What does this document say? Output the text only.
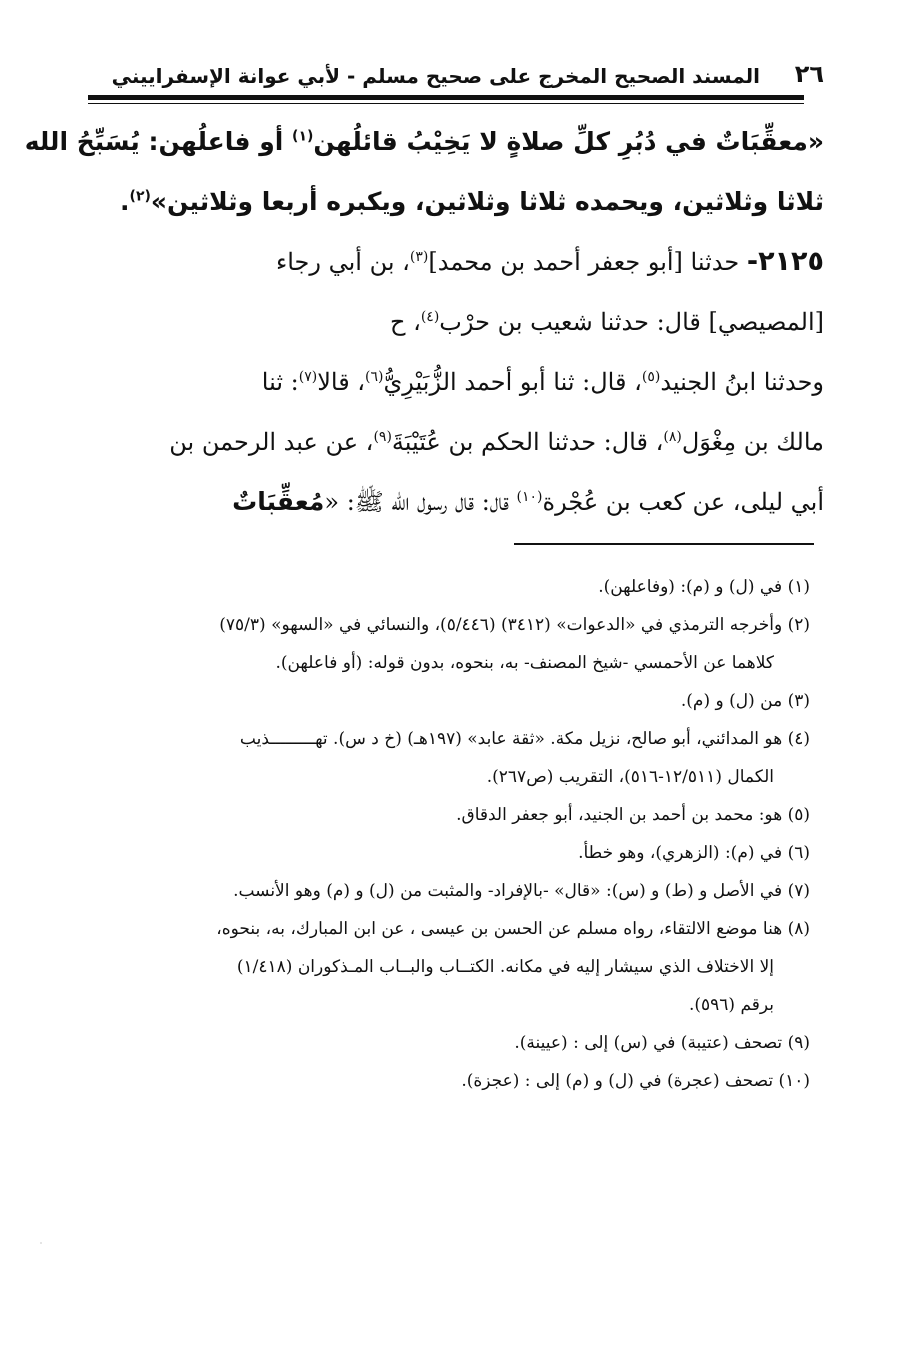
٢٦
المسند الصحيح المخرج على صحيح مسلم - لأبي عوانة الإسفراييني
«معقِّبَاتٌ في دُبُرِ كلِّ صلاةٍ لا يَخِيْبُ قائلُهن$^{(١)}$ أو فاعلُهن: يُسَبِّحُ الله
ثلاثا وثلاثين، ويحمده ثلاثا وثلاثين، ويكبره أربعا وثلاثين»$^{(٢)}$.
٢١٢٥- حدثنا [أبو جعفر أحمد بن محمد]$^{(٣)}$، بن أبي رجاء
[المصيصي] قال: حدثنا شعيب بن حرْب$^{(٤)}$، ح
وحدثنا ابنُ الجنيد$^{(٥)}$، قال: ثنا أبو أحمد الزُّبَيْرِيُّ$^{(٦)}$، قالا$^{(٧)}$: ثنا
مالك بن مِغْوَل$^{(٨)}$، قال: حدثنا الحكم بن عُتَيْبَةَ$^{(٩)}$، عن عبد الرحمن بن
أبي ليلى، عن كعب بن عُجْرة$^{(١٠)}$ قال: قال رسول الله ﷺ: «مُعقِّبَاتٌ
(١) في (ل) و (م): (وفاعلهن).
(٢) وأخرجه الترمذي في «الدعوات» (٣٤١٢) (٥/٤٤٦)، والنسائي في «السهو» (٧٥/٣)
كلاهما عن الأحمسي -شيخ المصنف- به، بنحوه، بدون قوله: (أو فاعلهن).
(٣) من (ل) و (م).
(٤) هو المدائني، أبو صالح، نزيل مكة. «ثقة عابد» (١٩٧هـ) (خ د س). تهـــــــــذيب
الكمال (١٢/٥١١-٥١٦)، التقريب (ص٢٦٧).
(٥) هو: محمد بن أحمد بن الجنيد، أبو جعفر الدقاق.
(٦) في (م): (الزهري)، وهو خطأ.
(٧) في الأصل و (ط) و (س): «قال» -بالإفراد- والمثبت من (ل) و (م) وهو الأنسب.
(٨) هنا موضع الالتقاء، رواه مسلم عن الحسن بن عيسى ، عن ابن المبارك، به، بنحوه،
إلا الاختلاف الذي سيشار إليه في مكانه. الكتــاب والبــاب المـذكوران (١/٤١٨)
برقم (٥٩٦).
(٩) تصحف (عتيبة) في (س) إلى : (عيينة).
(١٠) تصحف (عجرة) في (ل) و (م) إلى : (عجزة).
